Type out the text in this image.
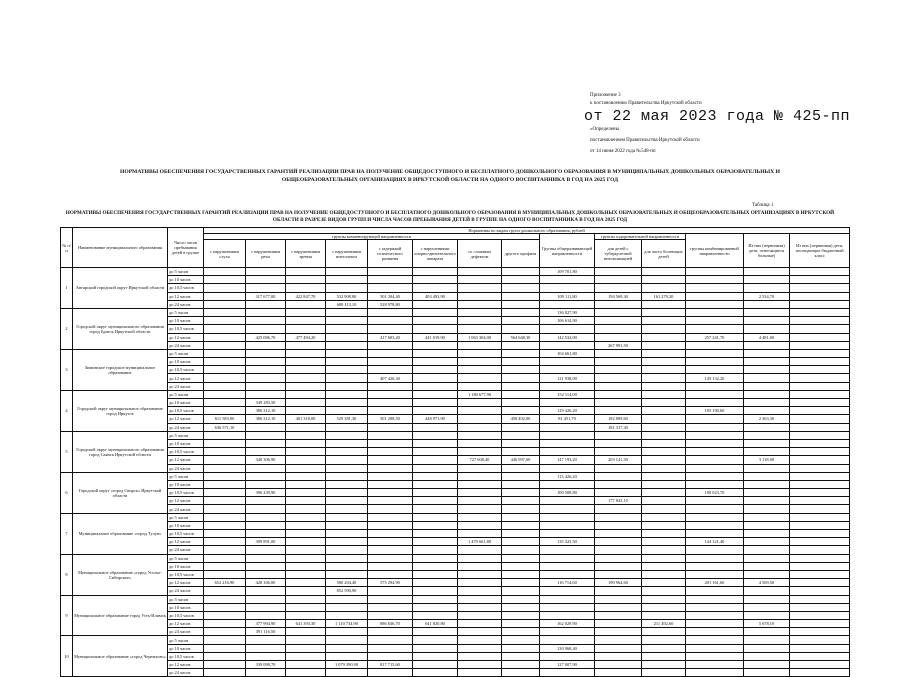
Приложение 3
к постановлению Правительства Иркутской области
от 22 мая 2023 года № 425-пп
«Определены
постановлением Правительства Иркутской области
от 14 июня 2022 года №548-пп
НОРМАТИВЫ ОБЕСПЕЧЕНИЯ ГОСУДАРСТВЕННЫХ ГАРАНТИЙ РЕАЛИЗАЦИИ ПРАВ НА ПОЛУЧЕНИЕ ОБЩЕДОСТУПНОГО И БЕСПЛАТНОГО ДОШКОЛЬНОГО ОБРАЗОВАНИЯ В МУНИЦИПАЛЬНЫХ ДОШКОЛЬНЫХ ОБРАЗОВАТЕЛЬНЫХ И ОБЩЕОБРАЗОВАТЕЛЬНЫХ ОРГАНИЗАЦИЯХ В ИРКУТСКОЙ ОБЛАСТИ НА ОДНОГО ВОСПИТАННИКА В ГОД НА 2025 ГОД
Таблица 1
НОРМАТИВЫ ОБЕСПЕЧЕНИЯ ГОСУДАРСТВЕННЫХ ГАРАНТИЙ РЕАЛИЗАЦИИ ПРАВ НА ПОЛУЧЕНИЕ ОБЩЕДОСТУПНОГО И БЕСПЛАТНОГО ДОШКОЛЬНОГО ОБРАЗОВАНИЯ В МУНИЦИПАЛЬНЫХ ДОШКОЛЬНЫХ ОБРАЗОВАТЕЛЬНЫХ И ОБЩЕОБРАЗОВАТЕЛЬНЫХ ОРГАНИЗАЦИЯХ В ИРКУТСКОЙ ОБЛАСТИ В РАЗРЕЗЕ ВИДОВ ГРУПП И ЧИСЛА ЧАСОВ ПРЕБЫВАНИЯ ДЕТЕЙ В ГРУППЕ НА ОДНОГО ВОСПИТАННИКА В ГОД НА 2025 ГОД
№ п/п	Наименование муниципального образования	Число часов пребывания детей в группе	Нормативы по видам групп дошкольного образования, рублей													
			группы компенсирующей направленности								Группы общеразвивающей направленности	группы оздоровительной направленности		группы комбинированной направленности	Из них (первичная) дети, относящиеся больные)	Из них (первичная) дети, посещающие бюджетный класс
			с нарушениями слуха	с нарушениями речи	с нарушениями зрения	с нарушениями интеллекта	с задержкой психического развития	с нарушениями опорно-двигательного аппарата	со сложным дефектом	другого профиля		для детей с туберкулезной интоксикацией	для часто болеющих детей			
1	Ангарский городской округ Иркутской области	до 5 часов									109 701,80					
		до 10 часов														
		до 10,5 часов														
		до 12 часов		317 677,00	422 847,70	532 908,00	501 204,40	403 493,90			109 111,80	194 569,30	161 279,20		2 534,70	
		до 24 часов				600 113,10	528 978,80									
2	Городской округ муниципального образования город Братск Иркутской области	до 5 часов									136 027,90					
		до 10 часов									106 614,90					
		до 10,5 часов														
		до 12 часов		425 086,70	477 494,20		417 603,20	441 019,90	1 063 304,00	564 648,30	142 532,00			257 241,70	4 481,00	
		до 24 часов										267 991,50				
3	Зиминское городское муниципальное образование	до 5 часов									104 661,80					
		до 10 часов														
		до 10,5 часов														
		до 12 часов					407 426,30				121 938,00			145 132,20		
		до 24 часов														
4	Городской округ муниципальное образование город Иркутск	до 5 часов							1 180 677,90		152 114,00					
		до 10 часов		349 283,50												
		до 10,5 часов		386 312,10							129 426,20			185 190,60		
		до 12 часов	611 583,90	386 312,10	401 318,00	529 381,30	501 288,50	448 971,90		458 402,00	81 451,70	182 809,60			2 363,30	
		до 24 часов	636 571,10									181 317,30				
5	Городской округ муниципального образования город Саянск Иркутской области	до 5 часов														
		до 10 часов														
		до 10,5 часов														
		до 12 часов		348 306,90					727 608,40	446 997,60	147 193,20	203 141,50			3 118,00	
		до 24 часов														
6	Городской округ «город Свирск» Иркутской области	до 5 часов									113 426,20					
		до 10 часов														
		до 10,5 часов		396 239,90							100 508,80			190 023,70		
		до 12 часов										177 843,10				
		до 24 часов														
7	Муниципальное образование «город Тулун»	до 5 часов														
		до 10 часов														
		до 10,5 часов														
		до 12 часов		309 891,00					1 470 661,80		135 325,50			144 121,40		
		до 24 часов														
8	Муниципальное образование «город Усолье-Сибирское»	до 5 часов														
		до 10 часов														
		до 10,5 часов														
		до 12 часов	652 216,90	428 166,00		580 204,40	575 294,90				116 714,60	190 964,60		201 161,60	4 569,50	
		до 24 часов				852 590,90										
9	Муниципальное образование город Усть-Илимск	до 5 часов														
		до 10 часов														
		до 10,5 часов														
		до 12 часов		377 994,90	641 393,30	1 110 734,90	886 636,70	641 820,80			162 029,90		211 492,60		5 678,10	
		до 24 часов		391 116,50												
10	Муниципальное образование «город Черемхово»	до 5 часов														
		до 10 часов									130 968,40					
		до 10,5 часов														
		до 12 часов		339 098,70		1 079 390,90	817 715,60				127 007,90					
		до 24 часов														
